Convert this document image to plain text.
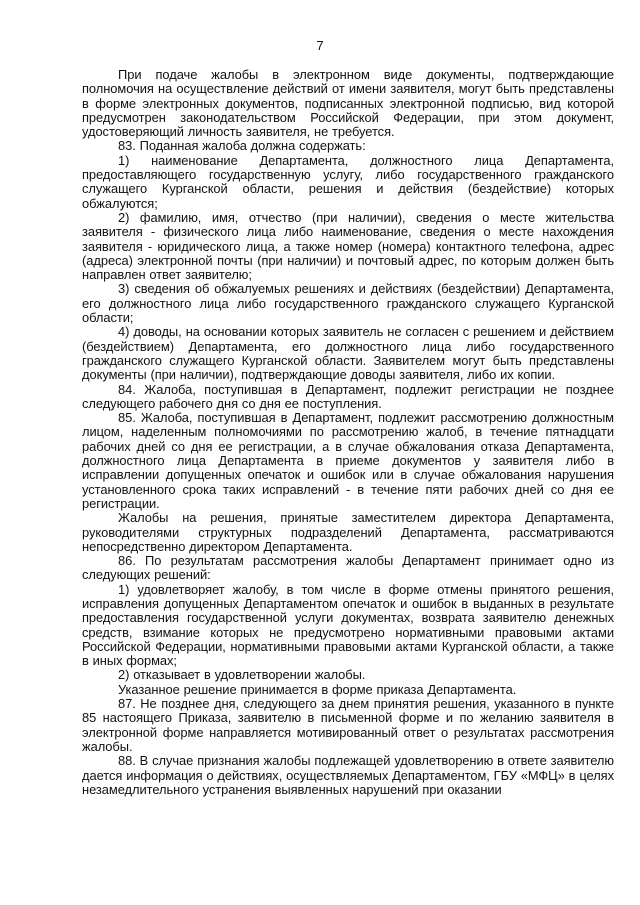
7

При подаче жалобы в электронном виде документы, подтверждающие полномочия на осуществление действий от имени заявителя, могут быть представлены в форме электронных документов, подписанных электронной подписью, вид которой предусмотрен законодательством Российской Федерации, при этом документ, удостоверяющий личность заявителя, не требуется.

83. Поданная жалоба должна содержать:

1) наименование Департамента, должностного лица Департамента, предоставляющего государственную услугу, либо государственного гражданского служащего Курганской области, решения и действия (бездействие) которых обжалуются;

2) фамилию, имя, отчество (при наличии), сведения о месте жительства заявителя - физического лица либо наименование, сведения о месте нахождения заявителя - юридического лица, а также номер (номера) контактного телефона, адрес (адреса) электронной почты (при наличии) и почтовый адрес, по которым должен быть направлен ответ заявителю;

3) сведения об обжалуемых решениях и действиях (бездействии) Департамента, его должностного лица либо государственного гражданского служащего Курганской области;

4) доводы, на основании которых заявитель не согласен с решением и действием (бездействием) Департамента, его должностного лица либо государственного гражданского служащего Курганской области. Заявителем могут быть представлены документы (при наличии), подтверждающие доводы заявителя, либо их копии.

84. Жалоба, поступившая в Департамент, подлежит регистрации не позднее следующего рабочего дня со дня ее поступления.

85. Жалоба, поступившая в Департамент, подлежит рассмотрению должностным лицом, наделенным полномочиями по рассмотрению жалоб, в течение пятнадцати рабочих дней со дня ее регистрации, а в случае обжалования отказа Департамента, должностного лица Департамента в приеме документов у заявителя либо в исправлении допущенных опечаток и ошибок или в случае обжалования нарушения установленного срока таких исправлений - в течение пяти рабочих дней со дня ее регистрации.

Жалобы на решения, принятые заместителем директора Департамента, руководителями структурных подразделений Департамента, рассматриваются непосредственно директором Департамента.

86. По результатам рассмотрения жалобы Департамент принимает одно из следующих решений:

1) удовлетворяет жалобу, в том числе в форме отмены принятого решения, исправления допущенных Департаментом опечаток и ошибок в выданных в результате предоставления государственной услуги документах, возврата заявителю денежных средств, взимание которых не предусмотрено нормативными правовыми актами Российской Федерации, нормативными правовыми актами Курганской области, а также в иных формах;

2) отказывает в удовлетворении жалобы.

Указанное решение принимается в форме приказа Департамента.

87. Не позднее дня, следующего за днем принятия решения, указанного в пункте 85 настоящего Приказа, заявителю в письменной форме и по желанию заявителя в электронной форме направляется мотивированный ответ о результатах рассмотрения жалобы.

88. В случае признания жалобы подлежащей удовлетворению в ответе заявителю дается информация о действиях, осуществляемых Департаментом, ГБУ «МФЦ» в целях незамедлительного устранения выявленных нарушений при оказании
